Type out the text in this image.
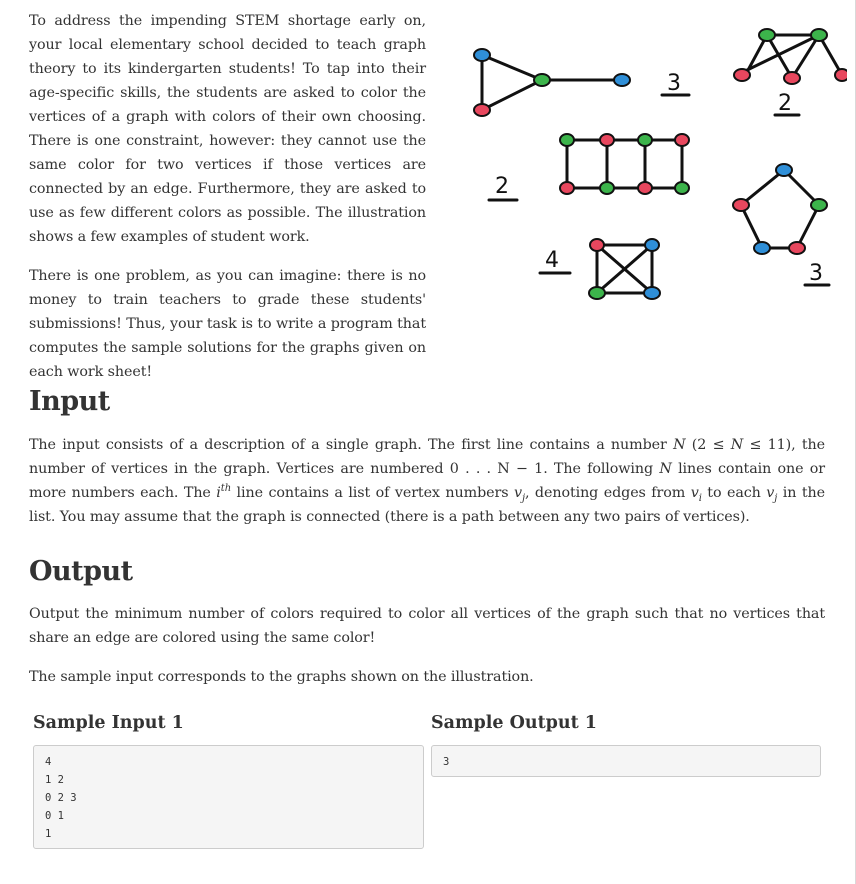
To address the impending STEM shortage early on, your local elementary school decided to teach graph theory to its kindergarten students! To tap into their age-specific skills, the students are asked to color the vertices of a graph with colors of their own choosing. There is one constraint, however: they cannot use the same color for two vertices if those vertices are connected by an edge. Furthermore, they are asked to use as few different colors as possible. The illustration shows a few examples of student work.

3
2
2
4
3

There is one problem, as you can imagine: there is no money to train teachers to grade these students' submissions! Thus, your task is to write a program that computes the sample solutions for the graphs given on each work sheet!

Input

The input consists of a description of a single graph. The first line contains a number N (2 ≤ N ≤ 11), the number of vertices in the graph. Vertices are numbered 0 . . . N − 1. The following N lines contain one or more numbers each. The $i^{th}$ line contains a list of vertex numbers $v_j$, denoting edges from $v_i$ to each $v_j$ in the list. You may assume that the graph is connected (there is a path between any two pairs of vertices).

Output

Output the minimum number of colors required to color all vertices of the graph such that no vertices that share an edge are colored using the same color!

The sample input corresponds to the graphs shown on the illustration.

Sample Input 1	Sample Output 1
4
1 2
0 2 3
0 1
1
3
